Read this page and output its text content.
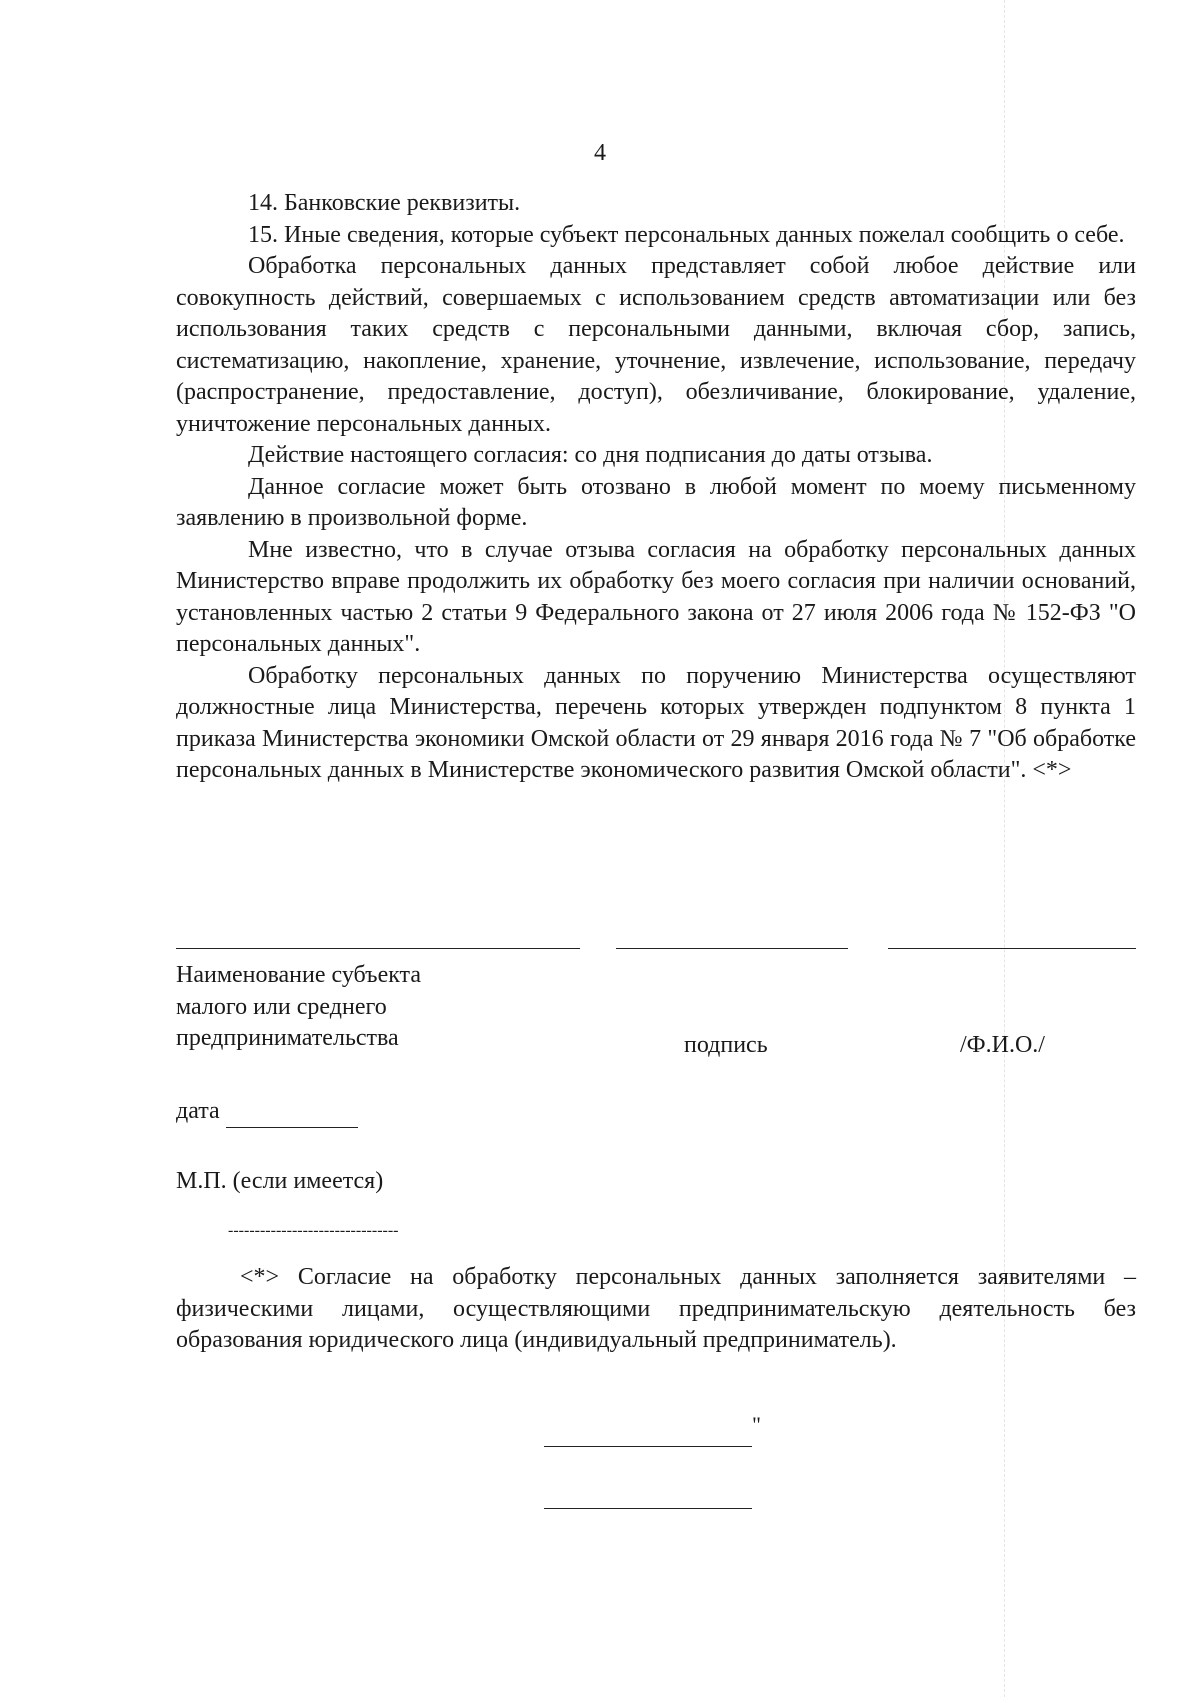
4

14. Банковские реквизиты.

15. Иные сведения, которые субъект персональных данных пожелал сообщить о себе.

Обработка персональных данных представляет собой любое действие или совокупность действий, совершаемых с использованием средств автоматизации или без использования таких средств с персональными данными, включая сбор, запись, систематизацию, накопление, хранение, уточнение, извлечение, использование, передачу (распространение, предоставление, доступ), обезличивание, блокирование, удаление, уничтожение персональных данных.

Действие настоящего согласия: со дня подписания до даты отзыва.

Данное согласие может быть отозвано в любой момент по моему письменному заявлению в произвольной форме.

Мне известно, что в случае отзыва согласия на обработку персональных данных Министерство вправе продолжить их обработку без моего согласия при наличии оснований, установленных частью 2 статьи 9 Федерального закона от 27 июля 2006 года № 152-ФЗ "О персональных данных".

Обработку персональных данных по поручению Министерства осуществляют должностные лица Министерства, перечень которых утвержден подпунктом 8 пункта 1 приказа Министерства экономики Омской области от 29 января 2016 года № 7 "Об обработке персональных данных в Министерстве экономического развития Омской области". <*>

Наименование субъекта малого или среднего предпринимательства	подпись	/Ф.И.О./
дата
М.П. (если имеется)
--------------------------------

<*> Согласие на обработку персональных данных заполняется заявителями – физическими лицами, осуществляющими предпринимательскую деятельность без образования юридического лица (индивидуальный предприниматель).

"
